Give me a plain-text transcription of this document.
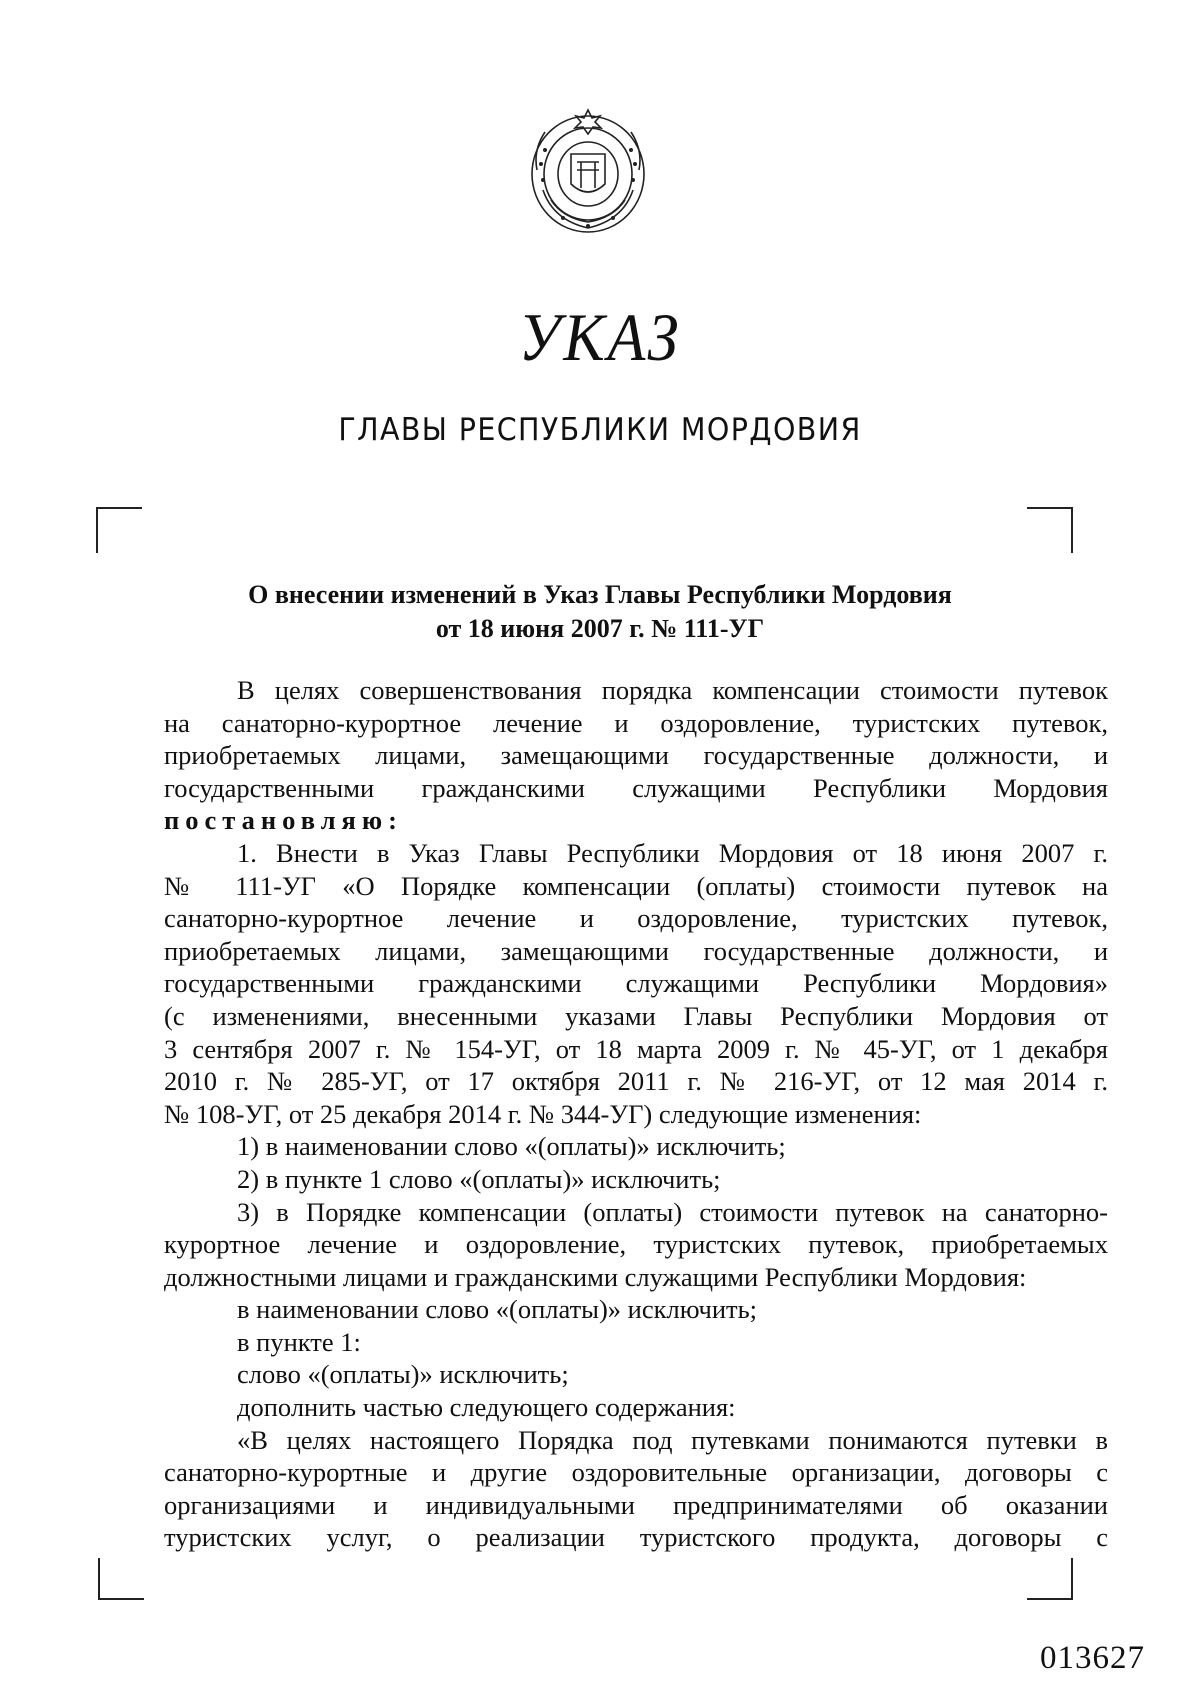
УКАЗ
ГЛАВЫ РЕСПУБЛИКИ МОРДОВИЯ
О внесении изменений в Указ Главы Республики Мордовия
от 18 июня 2007 г. № 111-УГ

В целях совершенствования порядка компенсации стоимости путевок

на санаторно-курортное лечение и оздоровление, туристских путевок,

приобретаемых лицами, замещающими государственные должности, и

государственными гражданскими служащими Республики Мордовия

постановляю:

1. Внести в Указ Главы Республики Мордовия от 18 июня 2007 г.

№ 111-УГ «О Порядке компенсации (оплаты) стоимости путевок на

санаторно-курортное лечение и оздоровление, туристских путевок,

приобретаемых лицами, замещающими государственные должности, и

государственными гражданскими служащими Республики Мордовия»

(с изменениями, внесенными указами Главы Республики Мордовия от

3 сентября 2007 г. № 154-УГ, от 18 марта 2009 г. № 45-УГ, от 1 декабря

2010 г. № 285-УГ, от 17 октября 2011 г. № 216-УГ, от 12 мая 2014 г.

№ 108-УГ, от 25 декабря 2014 г. № 344-УГ) следующие изменения:

1) в наименовании слово «(оплаты)» исключить;

2) в пункте 1 слово «(оплаты)» исключить;

3) в Порядке компенсации (оплаты) стоимости путевок на санаторно-

курортное лечение и оздоровление, туристских путевок, приобретаемых

должностными лицами и гражданскими служащими Республики Мордовия:

в наименовании слово «(оплаты)» исключить;

в пункте 1:

слово «(оплаты)» исключить;

дополнить частью следующего содержания:

«В целях настоящего Порядка под путевками понимаются путевки в

санаторно-курортные и другие оздоровительные организации, договоры с

организациями и индивидуальными предпринимателями об оказании

туристских услуг, о реализации туристского продукта, договоры с

013627
